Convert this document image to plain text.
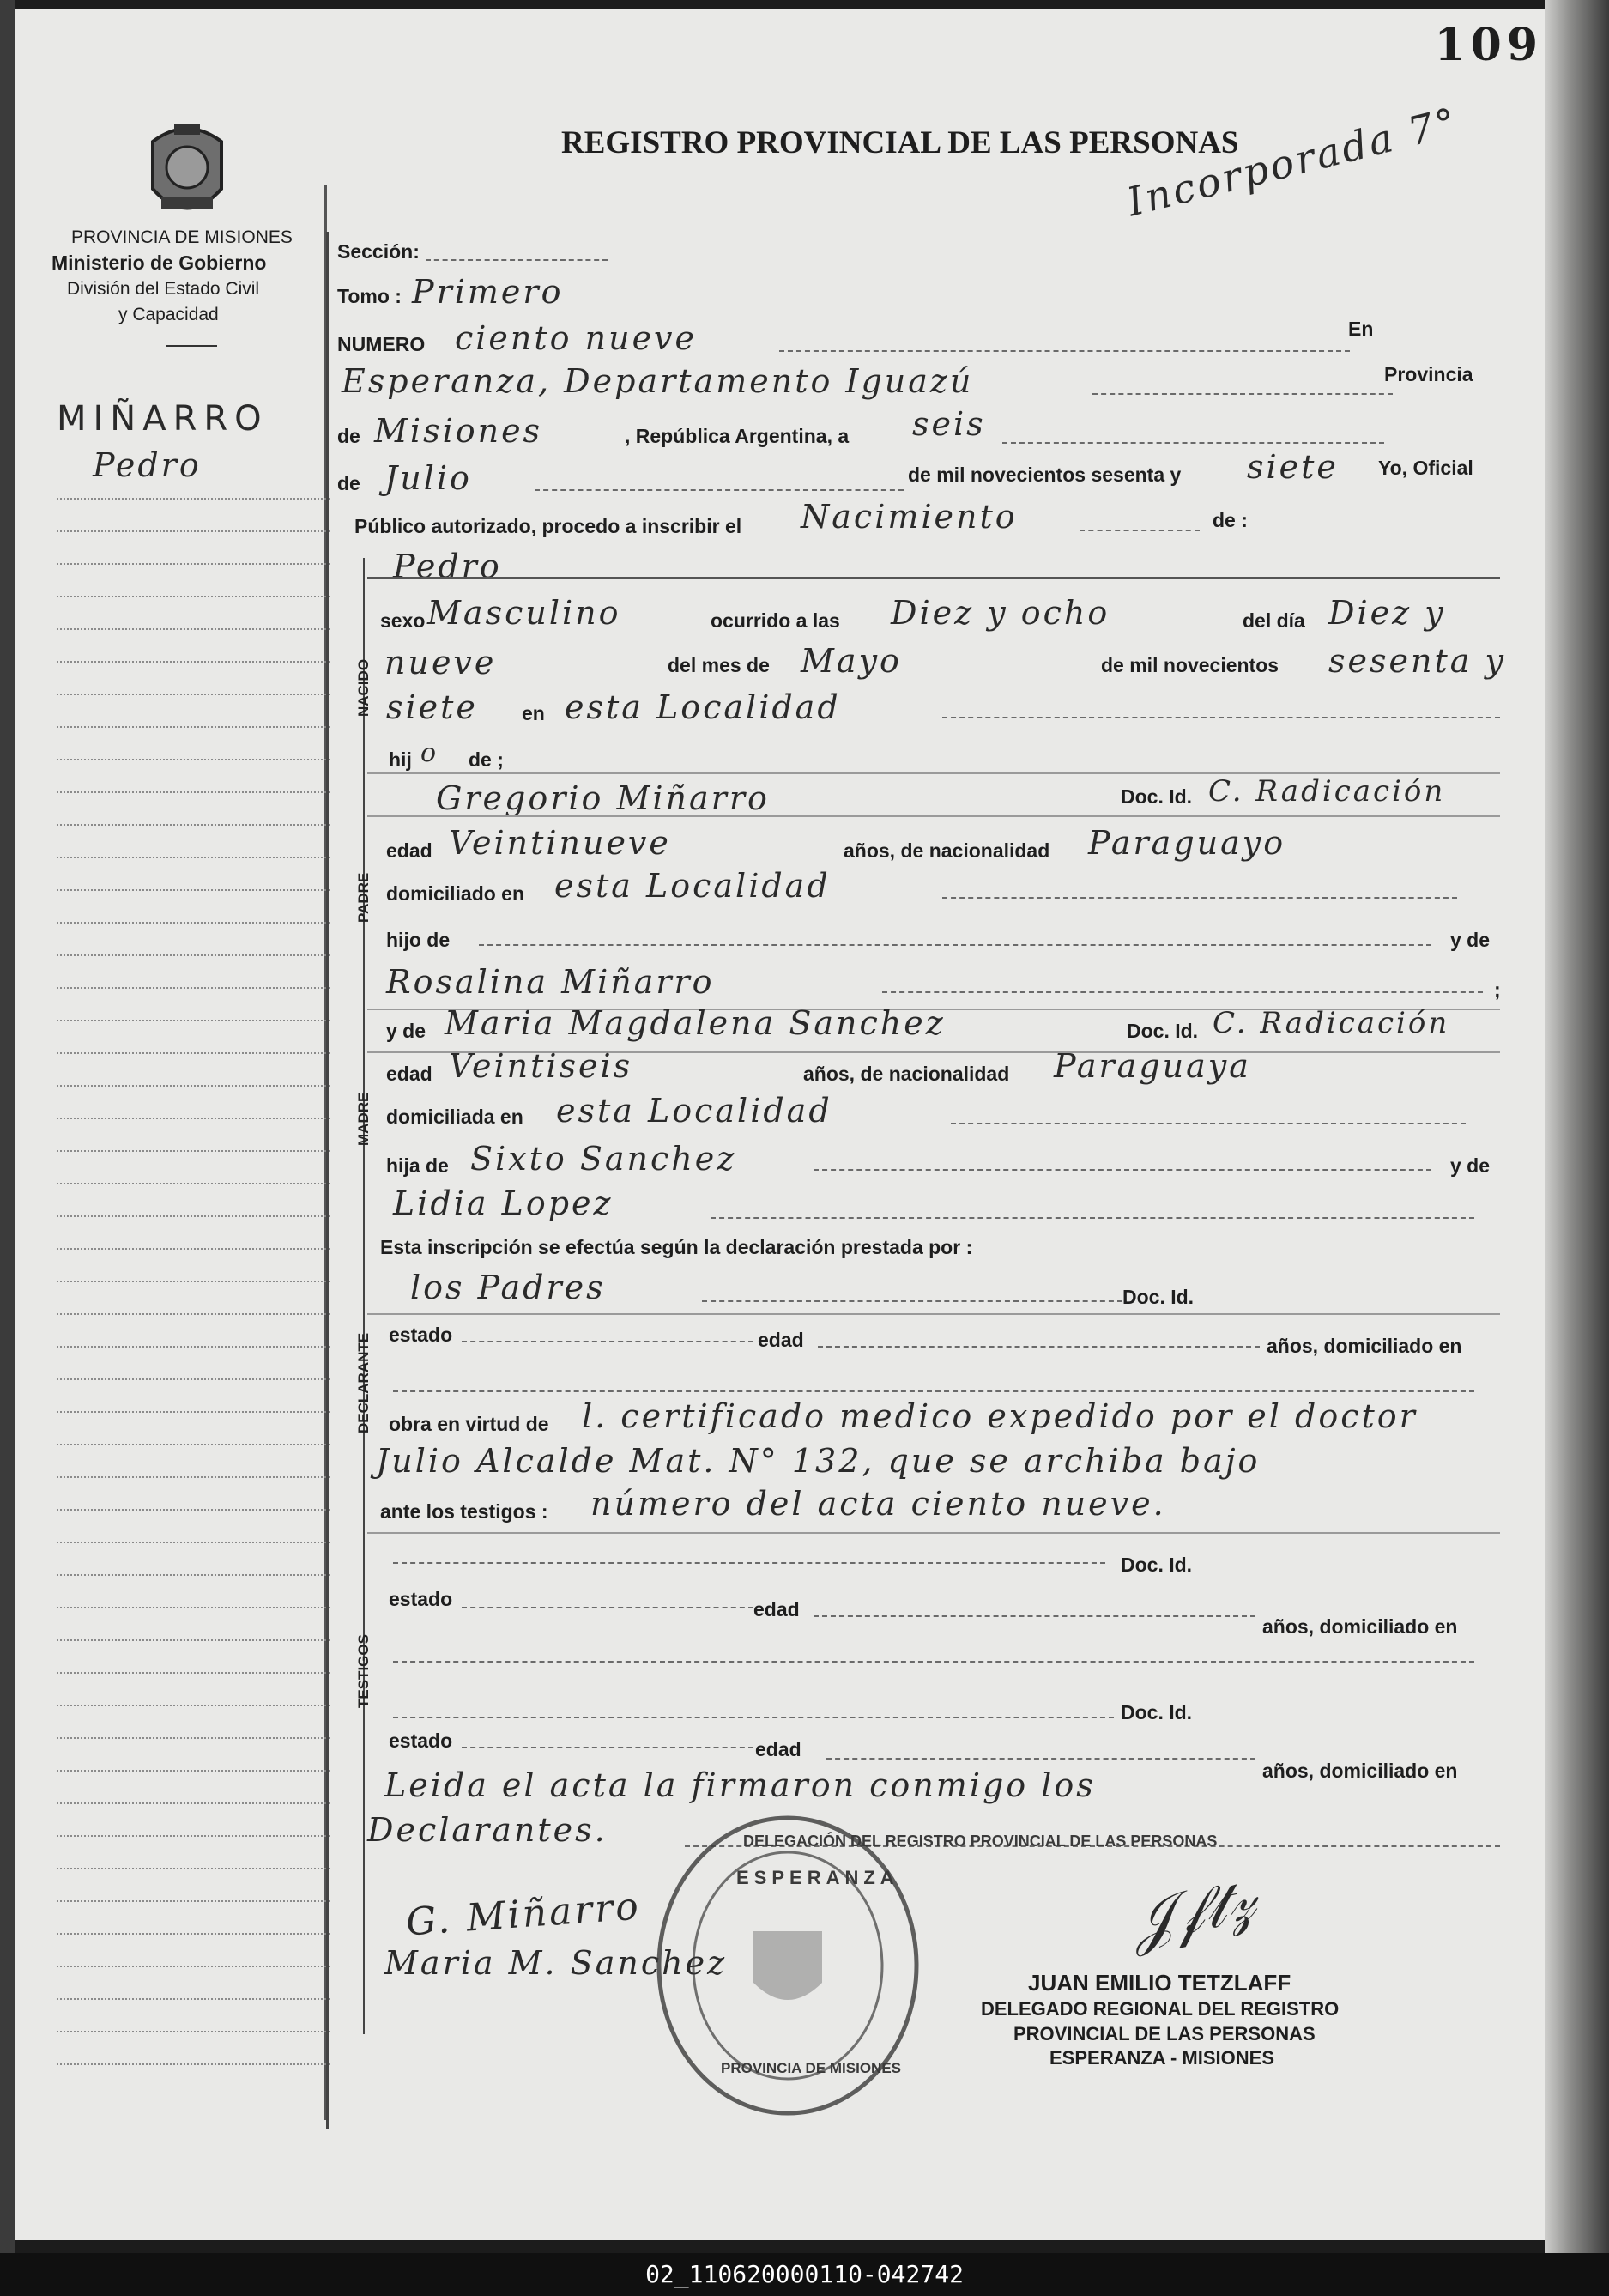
PROVINCIA DE MISIONES
Ministerio de Gobierno
División del Estado Civil
y Capacidad
MIÑARRO
Pedro
109
REGISTRO PROVINCIAL DE LAS PERSONAS
Incorporada 7°
Sección:
Tomo : Primero
NUMERO ciento nueve	En
Esperanza, Departamento Iguazú	Provincia
de Misiones	, República Argentina, a seis
de Julio	de mil novecientos sesenta y siete Yo, Oficial
Público autorizado, procedo a inscribir el Nacimiento	de :
Pedro
NACIDO
sexo Masculino	ocurrido a las Diez y ocho	del día Diez y
nueve	del mes de Mayo	de mil novecientos sesenta y
siete en esta Localidad
hij o de ;
PADRE
Gregorio Miñarro	Doc. Id. C. Radicación
edad Veintinueve	años, de nacionalidad Paraguayo
domiciliado en esta Localidad
hijo de	y de
Rosalina Miñarro	;
MADRE
y de Maria Magdalena Sanchez	Doc. Id. C. Radicación
edad Veintiseis	años, de nacionalidad Paraguaya
domiciliada en esta Localidad
hija de Sixto Sanchez	y de
Lidia Lopez
Esta inscripción se efectúa según la declaración prestada por :
DECLARANTE
los Padres	Doc. Id.
estado	edad	años, domiciliado en
obra en virtud de l. certificado medico expedido por el doctor
Julio Alcalde Mat. N° 132, que se archiba bajo
ante los testigos : número del acta ciento nueve.
TESTIGOS
Doc. Id.
estado	edad
años, domiciliado en
Doc. Id.
estado	edad
años, domiciliado en
Leida el acta la firmaron conmigo los
Declarantes.
G. Miñarro
Maria M. Sanchez
DELEGACIÓN DEL REGISTRO PROVINCIAL DE LAS PERSONAS
ESPERANZA
PROVINCIA DE MISIONES
𝒥𝒻𝓉𝓏
JUAN EMILIO TETZLAFF
DELEGADO REGIONAL DEL REGISTRO
PROVINCIAL DE LAS PERSONAS
ESPERANZA - MISIONES
02_110620000110-042742
